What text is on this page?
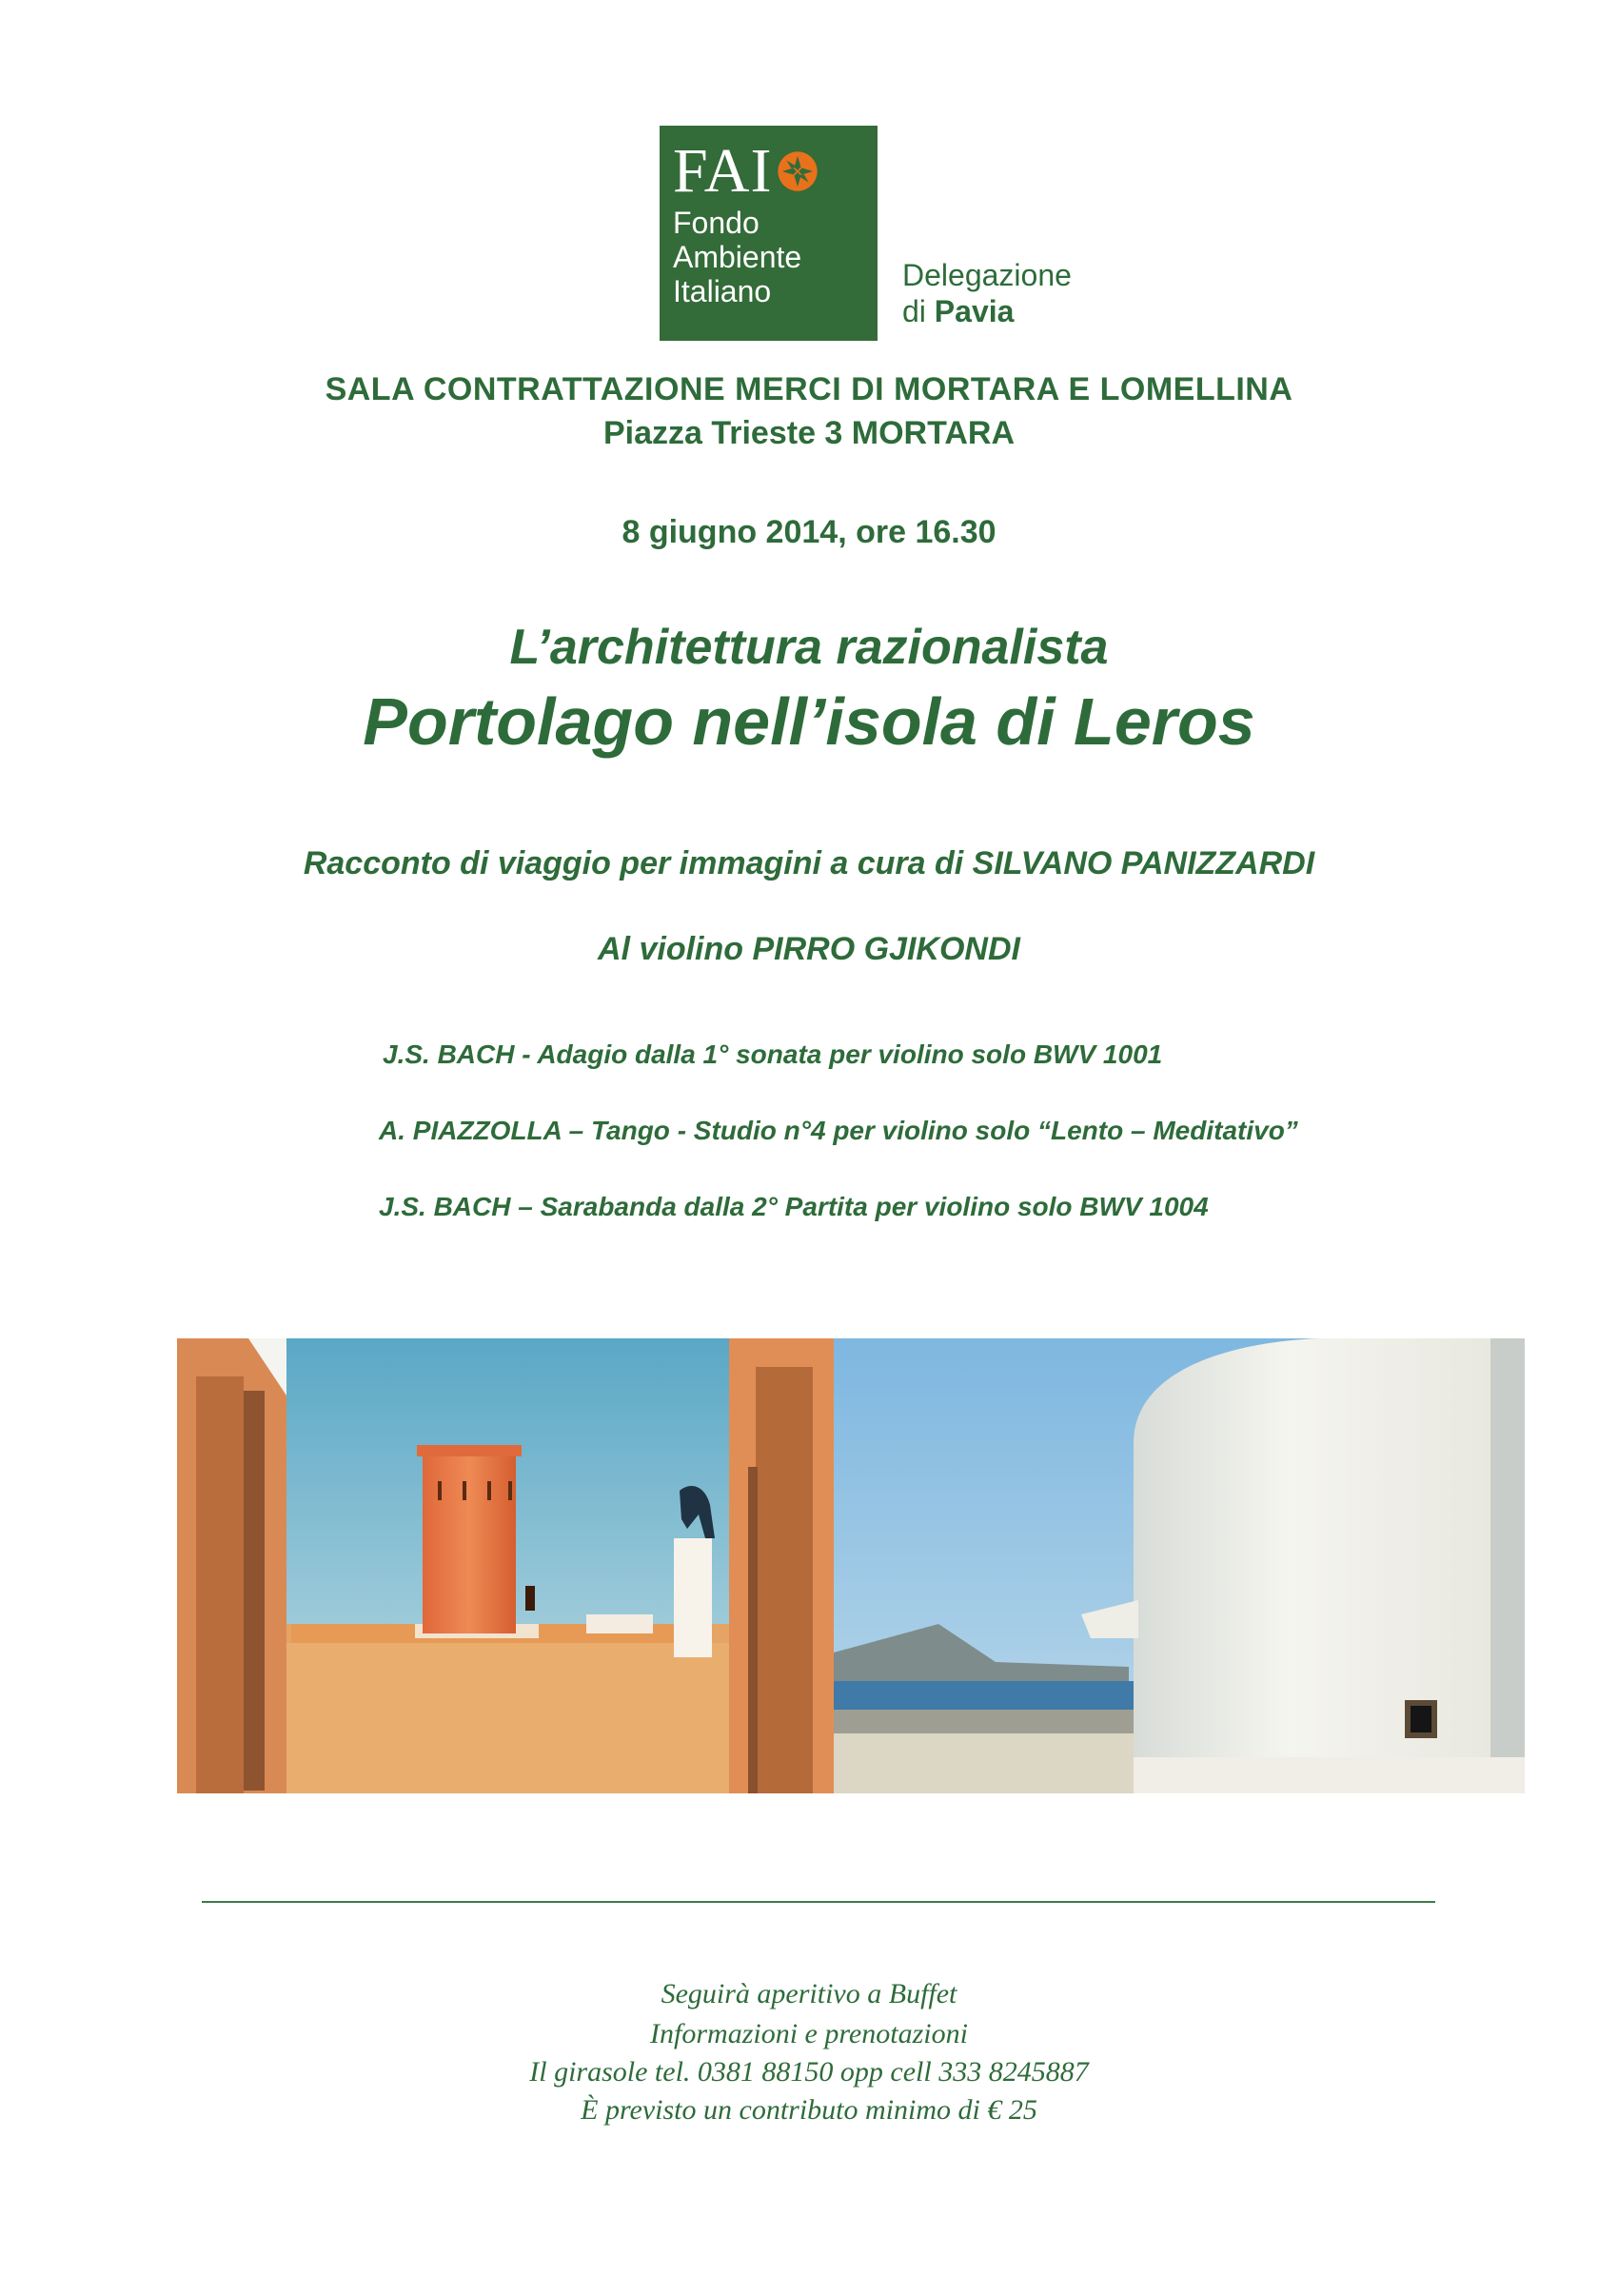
FAI
Fondo
Ambiente
Italiano	Delegazione
di Pavia
SALA CONTRATTAZIONE MERCI DI MORTARA E LOMELLINA
Piazza Trieste 3 MORTARA
8 giugno 2014, ore 16.30
L’architettura razionalista
Portolago nell’isola di Leros
Racconto di viaggio per immagini a cura di SILVANO PANIZZARDI
Al violino PIRRO GJIKONDI
J.S. BACH - Adagio dalla 1° sonata per violino solo BWV 1001
A. PIAZZOLLA – Tango - Studio n°4 per violino solo “Lento – Meditativo”
J.S. BACH – Sarabanda dalla 2° Partita per violino solo BWV 1004
Seguirà aperitivo a Buffet
Informazioni e prenotazioni
Il girasole tel. 0381 88150 opp cell 333 8245887
È previsto un contributo minimo di € 25
